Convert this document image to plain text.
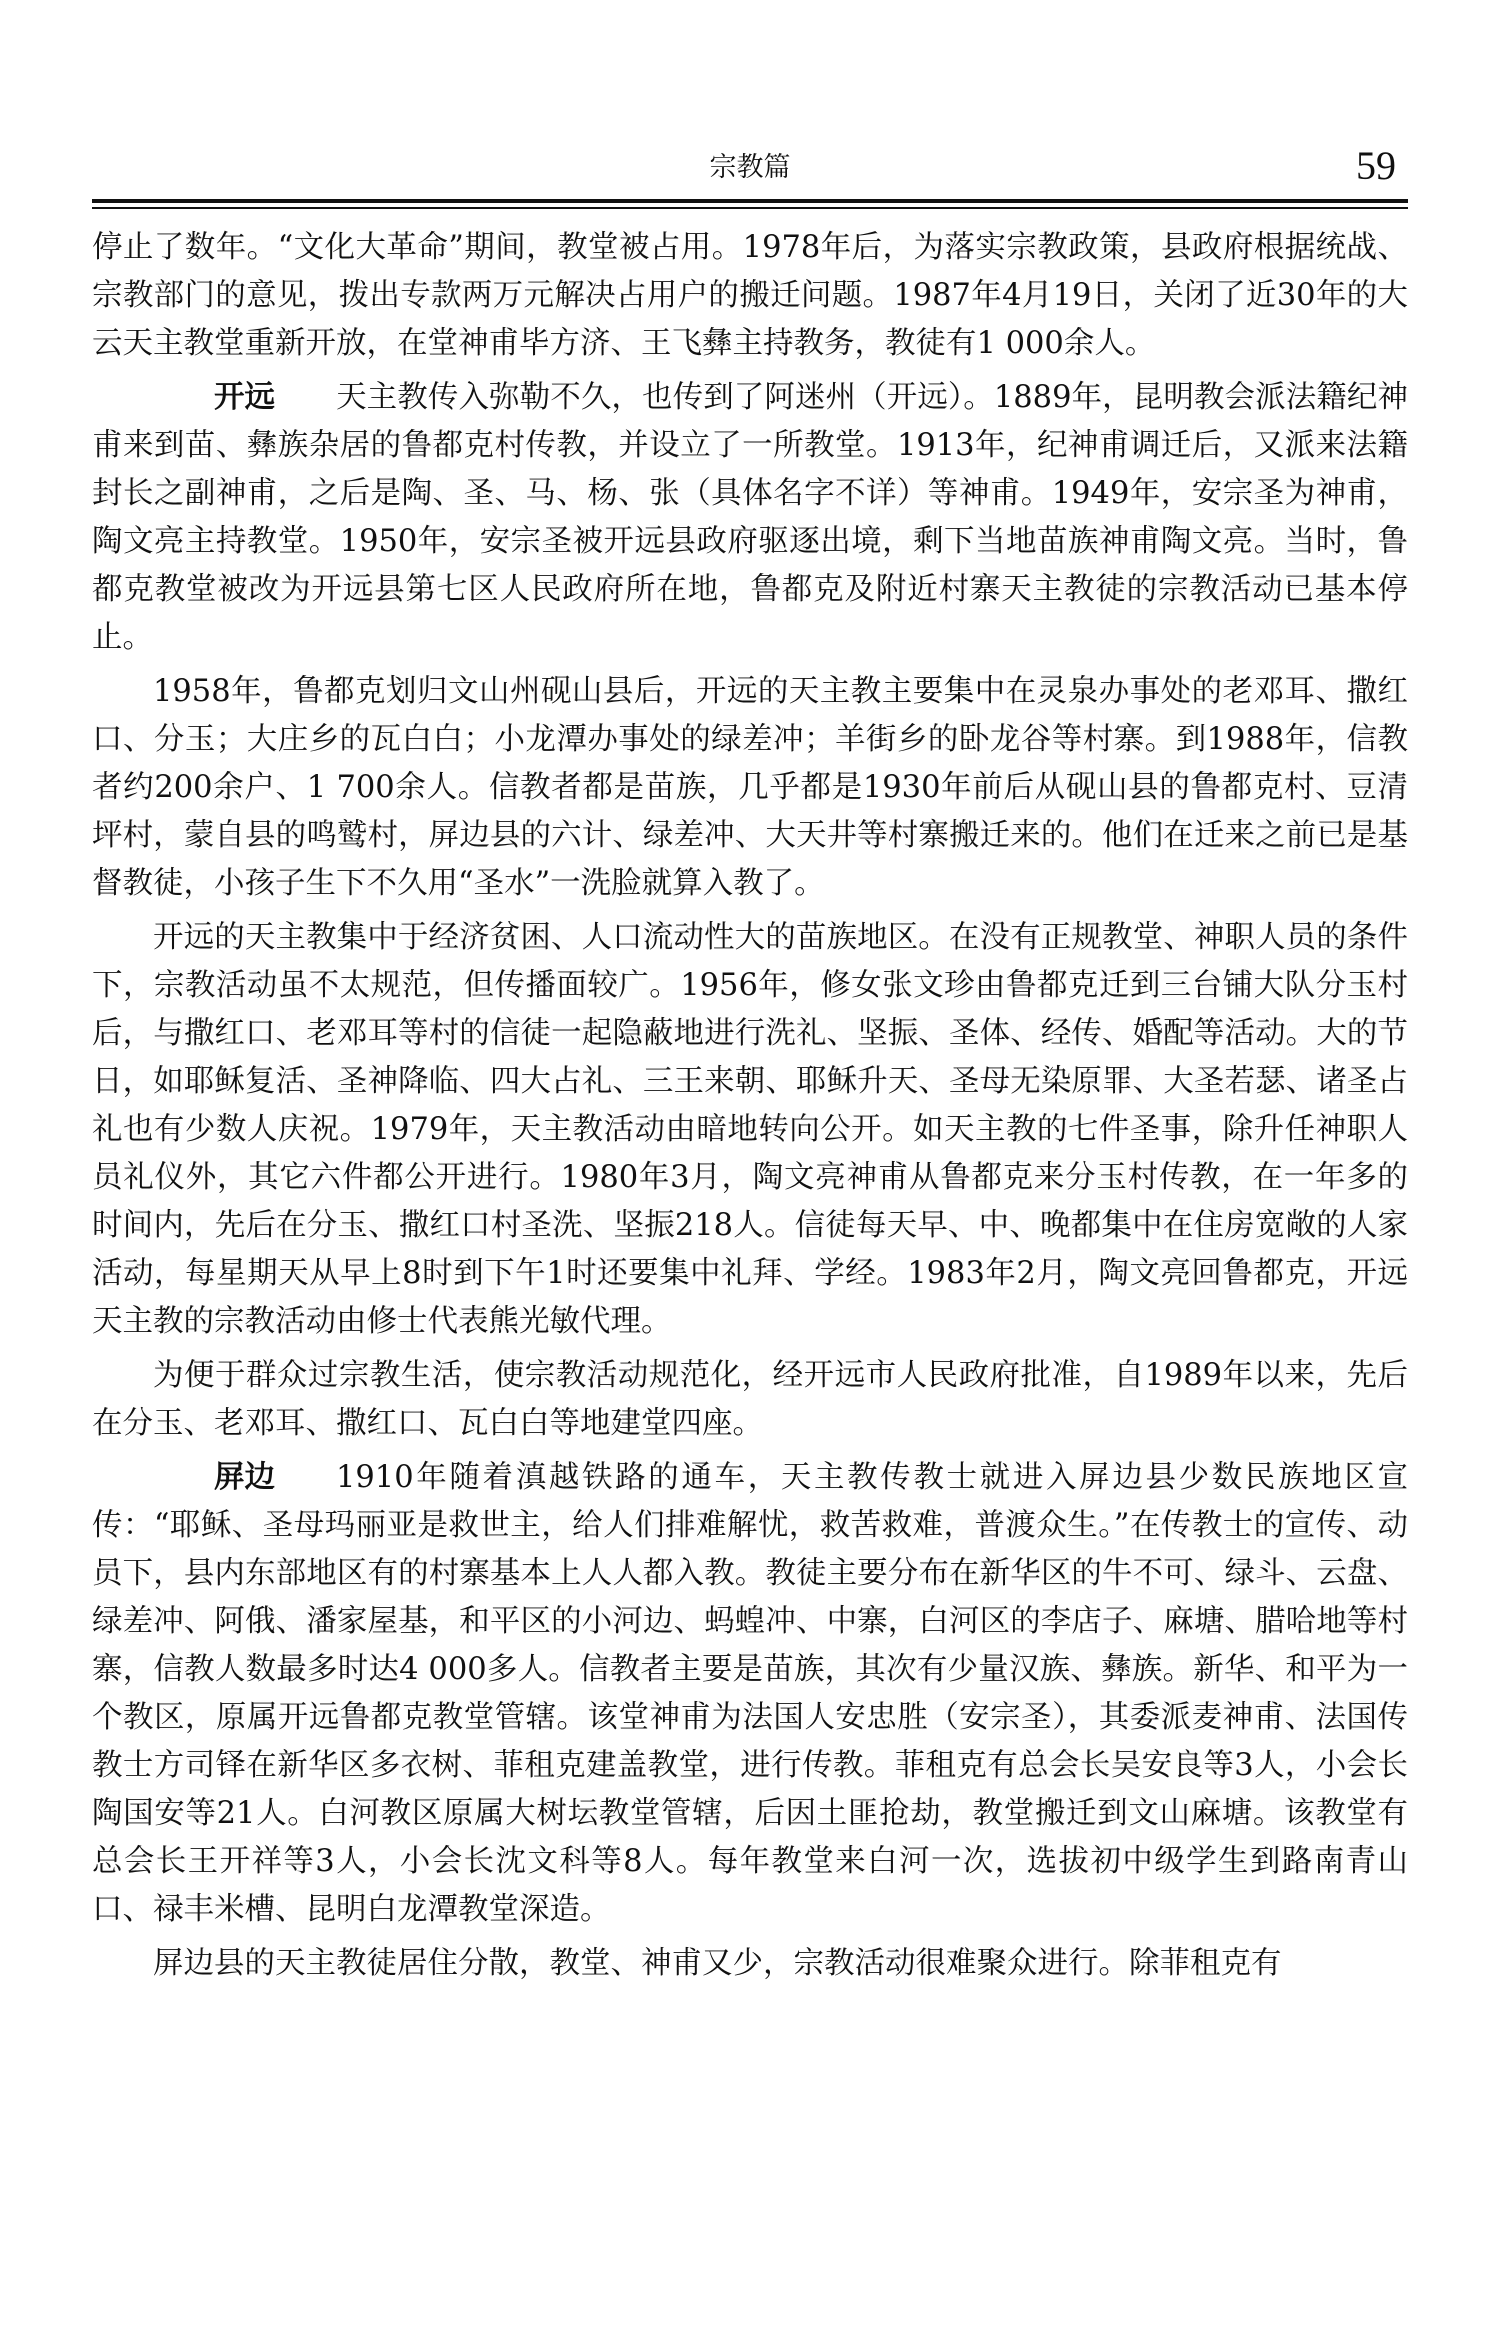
宗教篇	59

停止了数年。“文化大革命”期间，教堂被占用。1978年后，为落实宗教政策，县政府根据统战、宗教部门的意见，拨出专款两万元解决占用户的搬迁问题。1987年4月19日，关闭了近30年的大云天主教堂重新开放，在堂神甫毕方济、王飞彝主持教务，教徒有1 000余人。

开远 天主教传入弥勒不久，也传到了阿迷州（开远）。1889年，昆明教会派法籍纪神甫来到苗、彝族杂居的鲁都克村传教，并设立了一所教堂。1913年，纪神甫调迁后，又派来法籍封长之副神甫，之后是陶、圣、马、杨、张（具体名字不详）等神甫。1949年，安宗圣为神甫，陶文亮主持教堂。1950年，安宗圣被开远县政府驱逐出境，剩下当地苗族神甫陶文亮。当时，鲁都克教堂被改为开远县第七区人民政府所在地，鲁都克及附近村寨天主教徒的宗教活动已基本停止。

1958年，鲁都克划归文山州砚山县后，开远的天主教主要集中在灵泉办事处的老邓耳、撒红口、分玉；大庄乡的瓦白白；小龙潭办事处的绿差冲；羊街乡的卧龙谷等村寨。到1988年，信教者约200余户、1 700余人。信教者都是苗族，几乎都是1930年前后从砚山县的鲁都克村、豆清坪村，蒙自县的鸣鹫村，屏边县的六计、绿差冲、大天井等村寨搬迁来的。他们在迁来之前已是基督教徒，小孩子生下不久用“圣水”一洗脸就算入教了。

开远的天主教集中于经济贫困、人口流动性大的苗族地区。在没有正规教堂、神职人员的条件下，宗教活动虽不太规范，但传播面较广。1956年，修女张文珍由鲁都克迁到三台铺大队分玉村后，与撒红口、老邓耳等村的信徒一起隐蔽地进行洗礼、坚振、圣体、经传、婚配等活动。大的节日，如耶稣复活、圣神降临、四大占礼、三王来朝、耶稣升天、圣母无染原罪、大圣若瑟、诸圣占礼也有少数人庆祝。1979年，天主教活动由暗地转向公开。如天主教的七件圣事，除升任神职人员礼仪外，其它六件都公开进行。1980年3月，陶文亮神甫从鲁都克来分玉村传教，在一年多的时间内，先后在分玉、撒红口村圣洗、坚振218人。信徒每天早、中、晚都集中在住房宽敞的人家活动，每星期天从早上8时到下午1时还要集中礼拜、学经。1983年2月，陶文亮回鲁都克，开远天主教的宗教活动由修士代表熊光敏代理。

为便于群众过宗教生活，使宗教活动规范化，经开远市人民政府批准，自1989年以来，先后在分玉、老邓耳、撒红口、瓦白白等地建堂四座。

屏边 1910年随着滇越铁路的通车，天主教传教士就进入屏边县少数民族地区宣传：“耶稣、圣母玛丽亚是救世主，给人们排难解忧，救苦救难，普渡众生。”在传教士的宣传、动员下，县内东部地区有的村寨基本上人人都入教。教徒主要分布在新华区的牛不可、绿斗、云盘、绿差冲、阿俄、潘家屋基，和平区的小河边、蚂蝗冲、中寨，白河区的李店子、麻塘、腊哈地等村寨，信教人数最多时达4 000多人。信教者主要是苗族，其次有少量汉族、彝族。新华、和平为一个教区，原属开远鲁都克教堂管辖。该堂神甫为法国人安忠胜（安宗圣），其委派麦神甫、法国传教士方司铎在新华区多衣树、菲租克建盖教堂，进行传教。菲租克有总会长吴安良等3人，小会长陶国安等21人。白河教区原属大树坛教堂管辖，后因土匪抢劫，教堂搬迁到文山麻塘。该教堂有总会长王开祥等3人，小会长沈文科等8人。每年教堂来白河一次，选拔初中级学生到路南青山口、禄丰米槽、昆明白龙潭教堂深造。

屏边县的天主教徒居住分散，教堂、神甫又少，宗教活动很难聚众进行。除菲租克有
